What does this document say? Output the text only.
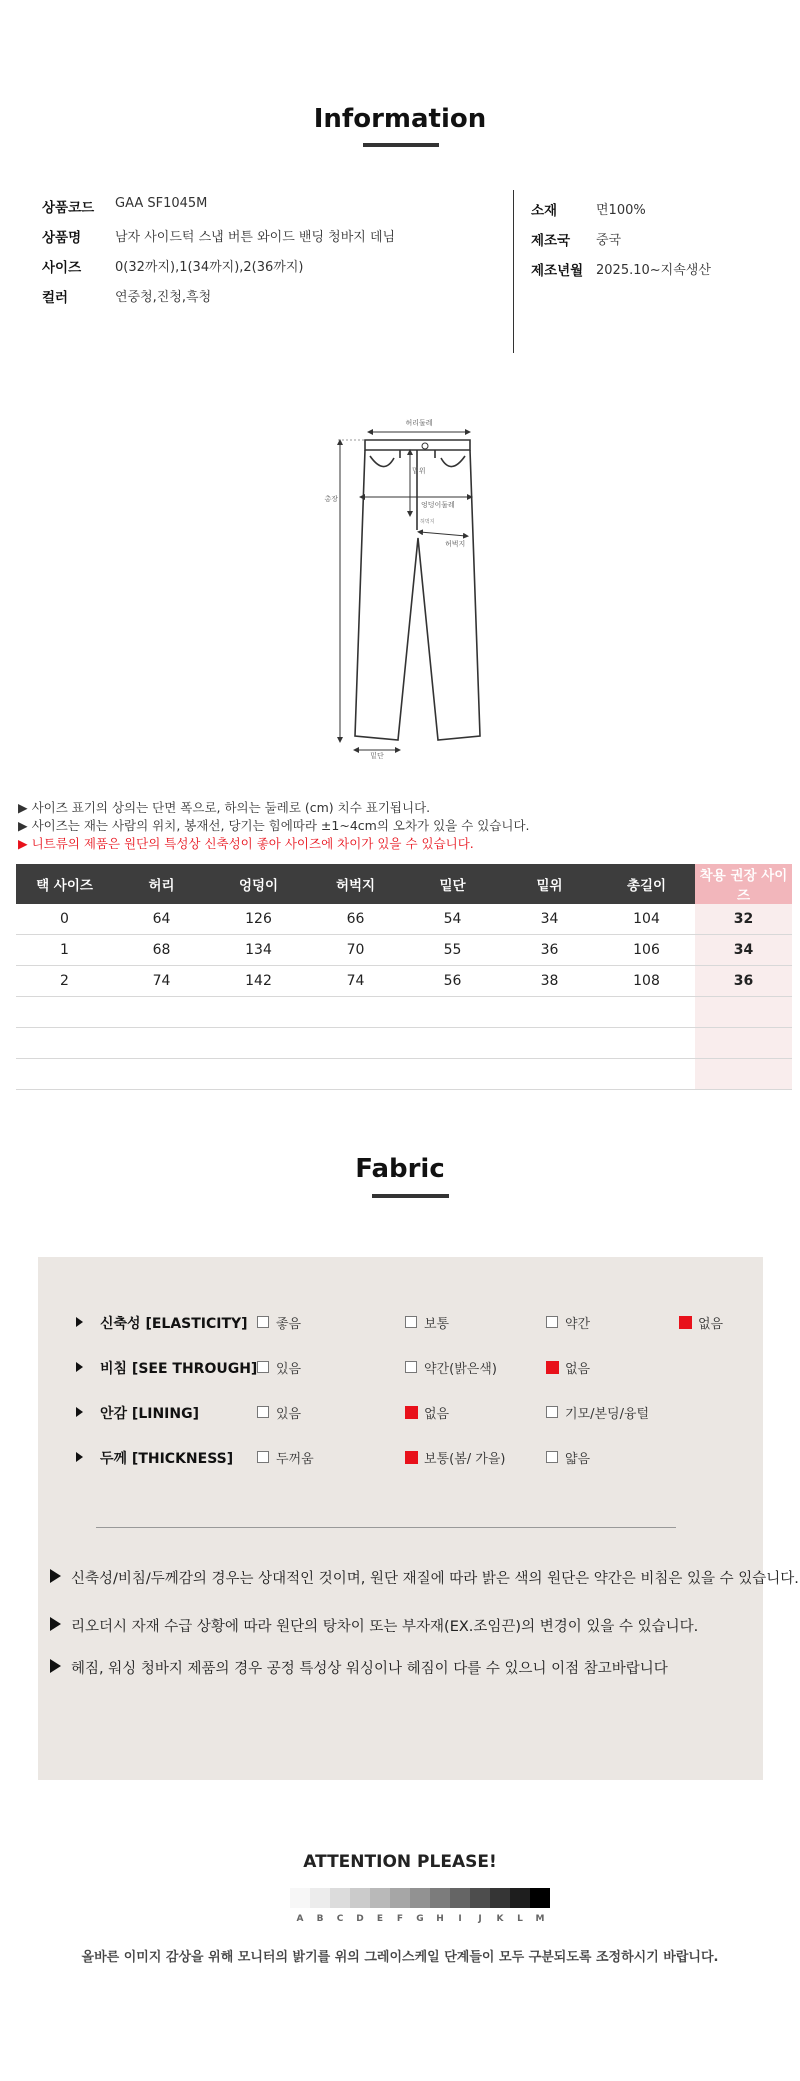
Information
상품코드 GAA SF1045M
상품명	남자 사이드턱 스냅 버튼 와이드 밴딩 청바지 데님
사이즈	0(32까지),1(34까지),2(36까지)
컬러	연중청,진청,흑청
소재	면100%
제조국 중국
제조년월 2025.10~지속생산
허리둘레
총장
밑위
엉덩이둘레
허벅지
허벅지
밑단
▶ 사이즈 표기의 상의는 단면 폭으로, 하의는 둘레로 (cm) 치수 표기됩니다.
▶ 사이즈는 재는 사람의 위치, 봉재선, 당기는 힘에따라 ±1~4cm의 오차가 있을 수 있습니다.
▶ 니트류의 제품은 원단의 특성상 신축성이 좋아 사이즈에 차이가 있을 수 있습니다.
택 사이즈	허리	엉덩이	허벅지	밑단	밑위	총길이	착용 권장 사이즈
0	64	126	66	54	34	104	32
1	68	134	70	55	36	106	34
2	74	142	74	56	38	108	36

Fabric
신축성 [ELASTICITY] 좋음	보통	약간	없음
비침 [SEE THROUGH] 있음	약간(밝은색)	없음
안감 [LINING]	있음	없음	기모/본딩/융털
두께 [THICKNESS]	두꺼움	보통(봄/ 가을)	얇음
신축성/비침/두께감의 경우는 상대적인 것이며, 원단 재질에 따라 밝은 색의 원단은 약간은 비침은 있을 수 있습니다.
리오더시 자재 수급 상황에 따라 원단의 탕차이 또는 부자재(EX.조임끈)의 변경이 있을 수 있습니다.
헤짐, 워싱 청바지 제품의 경우 공정 특성상 워싱이나 헤짐이 다를 수 있으니 이점 참고바랍니다
ATTENTION PLEASE!
A	B	C	D	E	F	G	H	I	J	K	L	M
올바른 이미지 감상을 위해 모니터의 밝기를 위의 그레이스케일 단계들이 모두 구분되도록 조정하시기 바랍니다.
